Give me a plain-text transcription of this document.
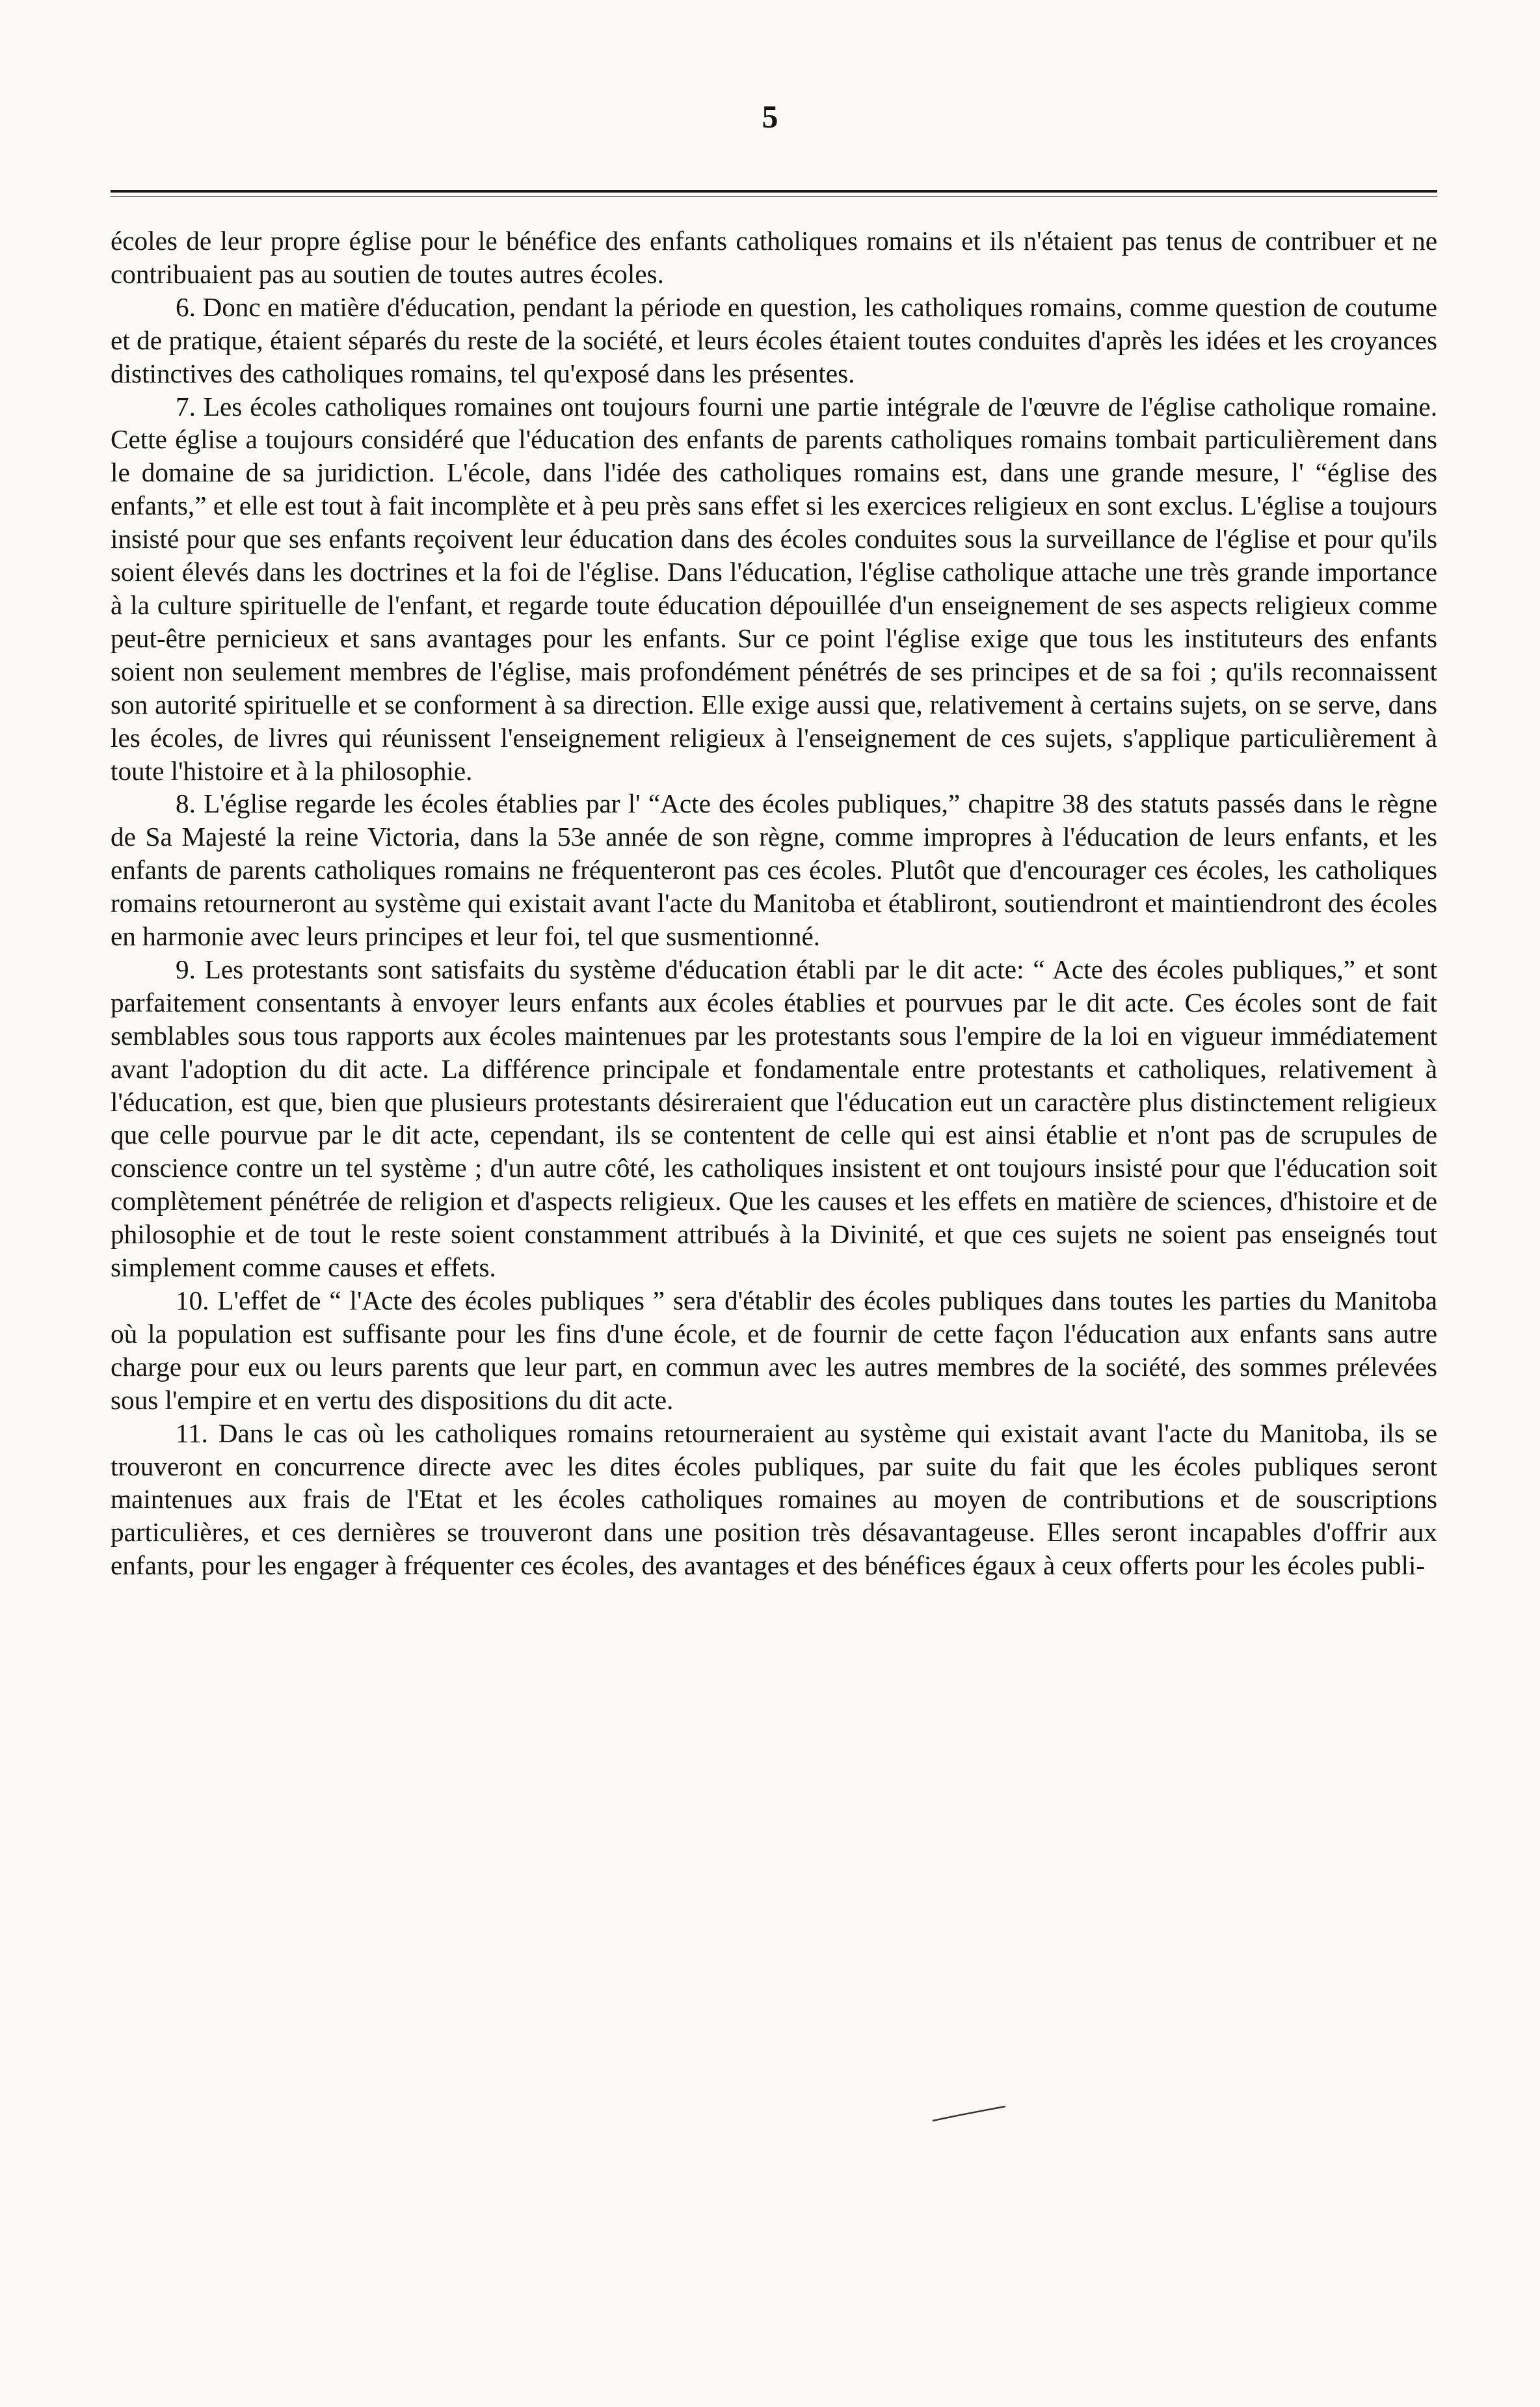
5

écoles de leur propre église pour le bénéfice des enfants catholiques romains et ils n'étaient pas tenus de contribuer et ne contribuaient pas au soutien de toutes autres écoles.

6. Donc en matière d'éducation, pendant la période en question, les catholiques romains, comme question de coutume et de pratique, étaient séparés du reste de la société, et leurs écoles étaient toutes conduites d'après les idées et les croyances distinctives des catholiques romains, tel qu'exposé dans les présentes.

7. Les écoles catholiques romaines ont toujours fourni une partie intégrale de l'œuvre de l'église catholique romaine. Cette église a toujours considéré que l'éducation des enfants de parents catholiques romains tombait particulièrement dans le domaine de sa juridiction. L'école, dans l'idée des catholiques romains est, dans une grande mesure, l' “église des enfants,” et elle est tout à fait incomplète et à peu près sans effet si les exercices religieux en sont exclus. L'église a toujours insisté pour que ses enfants reçoivent leur éducation dans des écoles conduites sous la surveillance de l'église et pour qu'ils soient élevés dans les doctrines et la foi de l'église. Dans l'éducation, l'église catholique attache une très grande importance à la culture spirituelle de l'enfant, et regarde toute éducation dépouillée d'un enseignement de ses aspects religieux comme peut-être pernicieux et sans avantages pour les enfants. Sur ce point l'église exige que tous les instituteurs des enfants soient non seulement membres de l'église, mais profondément pénétrés de ses principes et de sa foi ; qu'ils reconnaissent son autorité spirituelle et se conforment à sa direction. Elle exige aussi que, relativement à certains sujets, on se serve, dans les écoles, de livres qui réunissent l'enseignement religieux à l'enseignement de ces sujets, s'applique particulièrement à toute l'histoire et à la philosophie.

8. L'église regarde les écoles établies par l' “Acte des écoles publiques,” chapitre 38 des statuts passés dans le règne de Sa Majesté la reine Victoria, dans la 53e année de son règne, comme impropres à l'éducation de leurs enfants, et les enfants de parents catholiques romains ne fréquenteront pas ces écoles. Plutôt que d'encourager ces écoles, les catholiques romains retourneront au système qui existait avant l'acte du Manitoba et établiront, soutiendront et maintiendront des écoles en harmonie avec leurs principes et leur foi, tel que susmentionné.

9. Les protestants sont satisfaits du système d'éducation établi par le dit acte: “ Acte des écoles publiques,” et sont parfaitement consentants à envoyer leurs enfants aux écoles établies et pourvues par le dit acte. Ces écoles sont de fait semblables sous tous rapports aux écoles maintenues par les protestants sous l'empire de la loi en vigueur immédiatement avant l'adoption du dit acte. La différence principale et fondamentale entre protestants et catholiques, relativement à l'éducation, est que, bien que plusieurs protestants désireraient que l'éducation eut un caractère plus distinctement religieux que celle pourvue par le dit acte, cependant, ils se contentent de celle qui est ainsi établie et n'ont pas de scrupules de conscience contre un tel système ; d'un autre côté, les catholiques insistent et ont toujours insisté pour que l'éducation soit complètement pénétrée de religion et d'aspects religieux. Que les causes et les effets en matière de sciences, d'histoire et de philosophie et de tout le reste soient constamment attribués à la Divinité, et que ces sujets ne soient pas enseignés tout simplement comme causes et effets.

10. L'effet de “ l'Acte des écoles publiques ” sera d'établir des écoles publiques dans toutes les parties du Manitoba où la population est suffisante pour les fins d'une école, et de fournir de cette façon l'éducation aux enfants sans autre charge pour eux ou leurs parents que leur part, en commun avec les autres membres de la société, des sommes prélevées sous l'empire et en vertu des dispositions du dit acte.

11. Dans le cas où les catholiques romains retourneraient au système qui existait avant l'acte du Manitoba, ils se trouveront en concurrence directe avec les dites écoles publiques, par suite du fait que les écoles publiques seront maintenues aux frais de l'Etat et les écoles catholiques romaines au moyen de contributions et de souscriptions particulières, et ces dernières se trouveront dans une position très désavantageuse. Elles seront incapables d'offrir aux enfants, pour les engager à fréquenter ces écoles, des avantages et des bénéfices égaux à ceux offerts pour les écoles publi-
